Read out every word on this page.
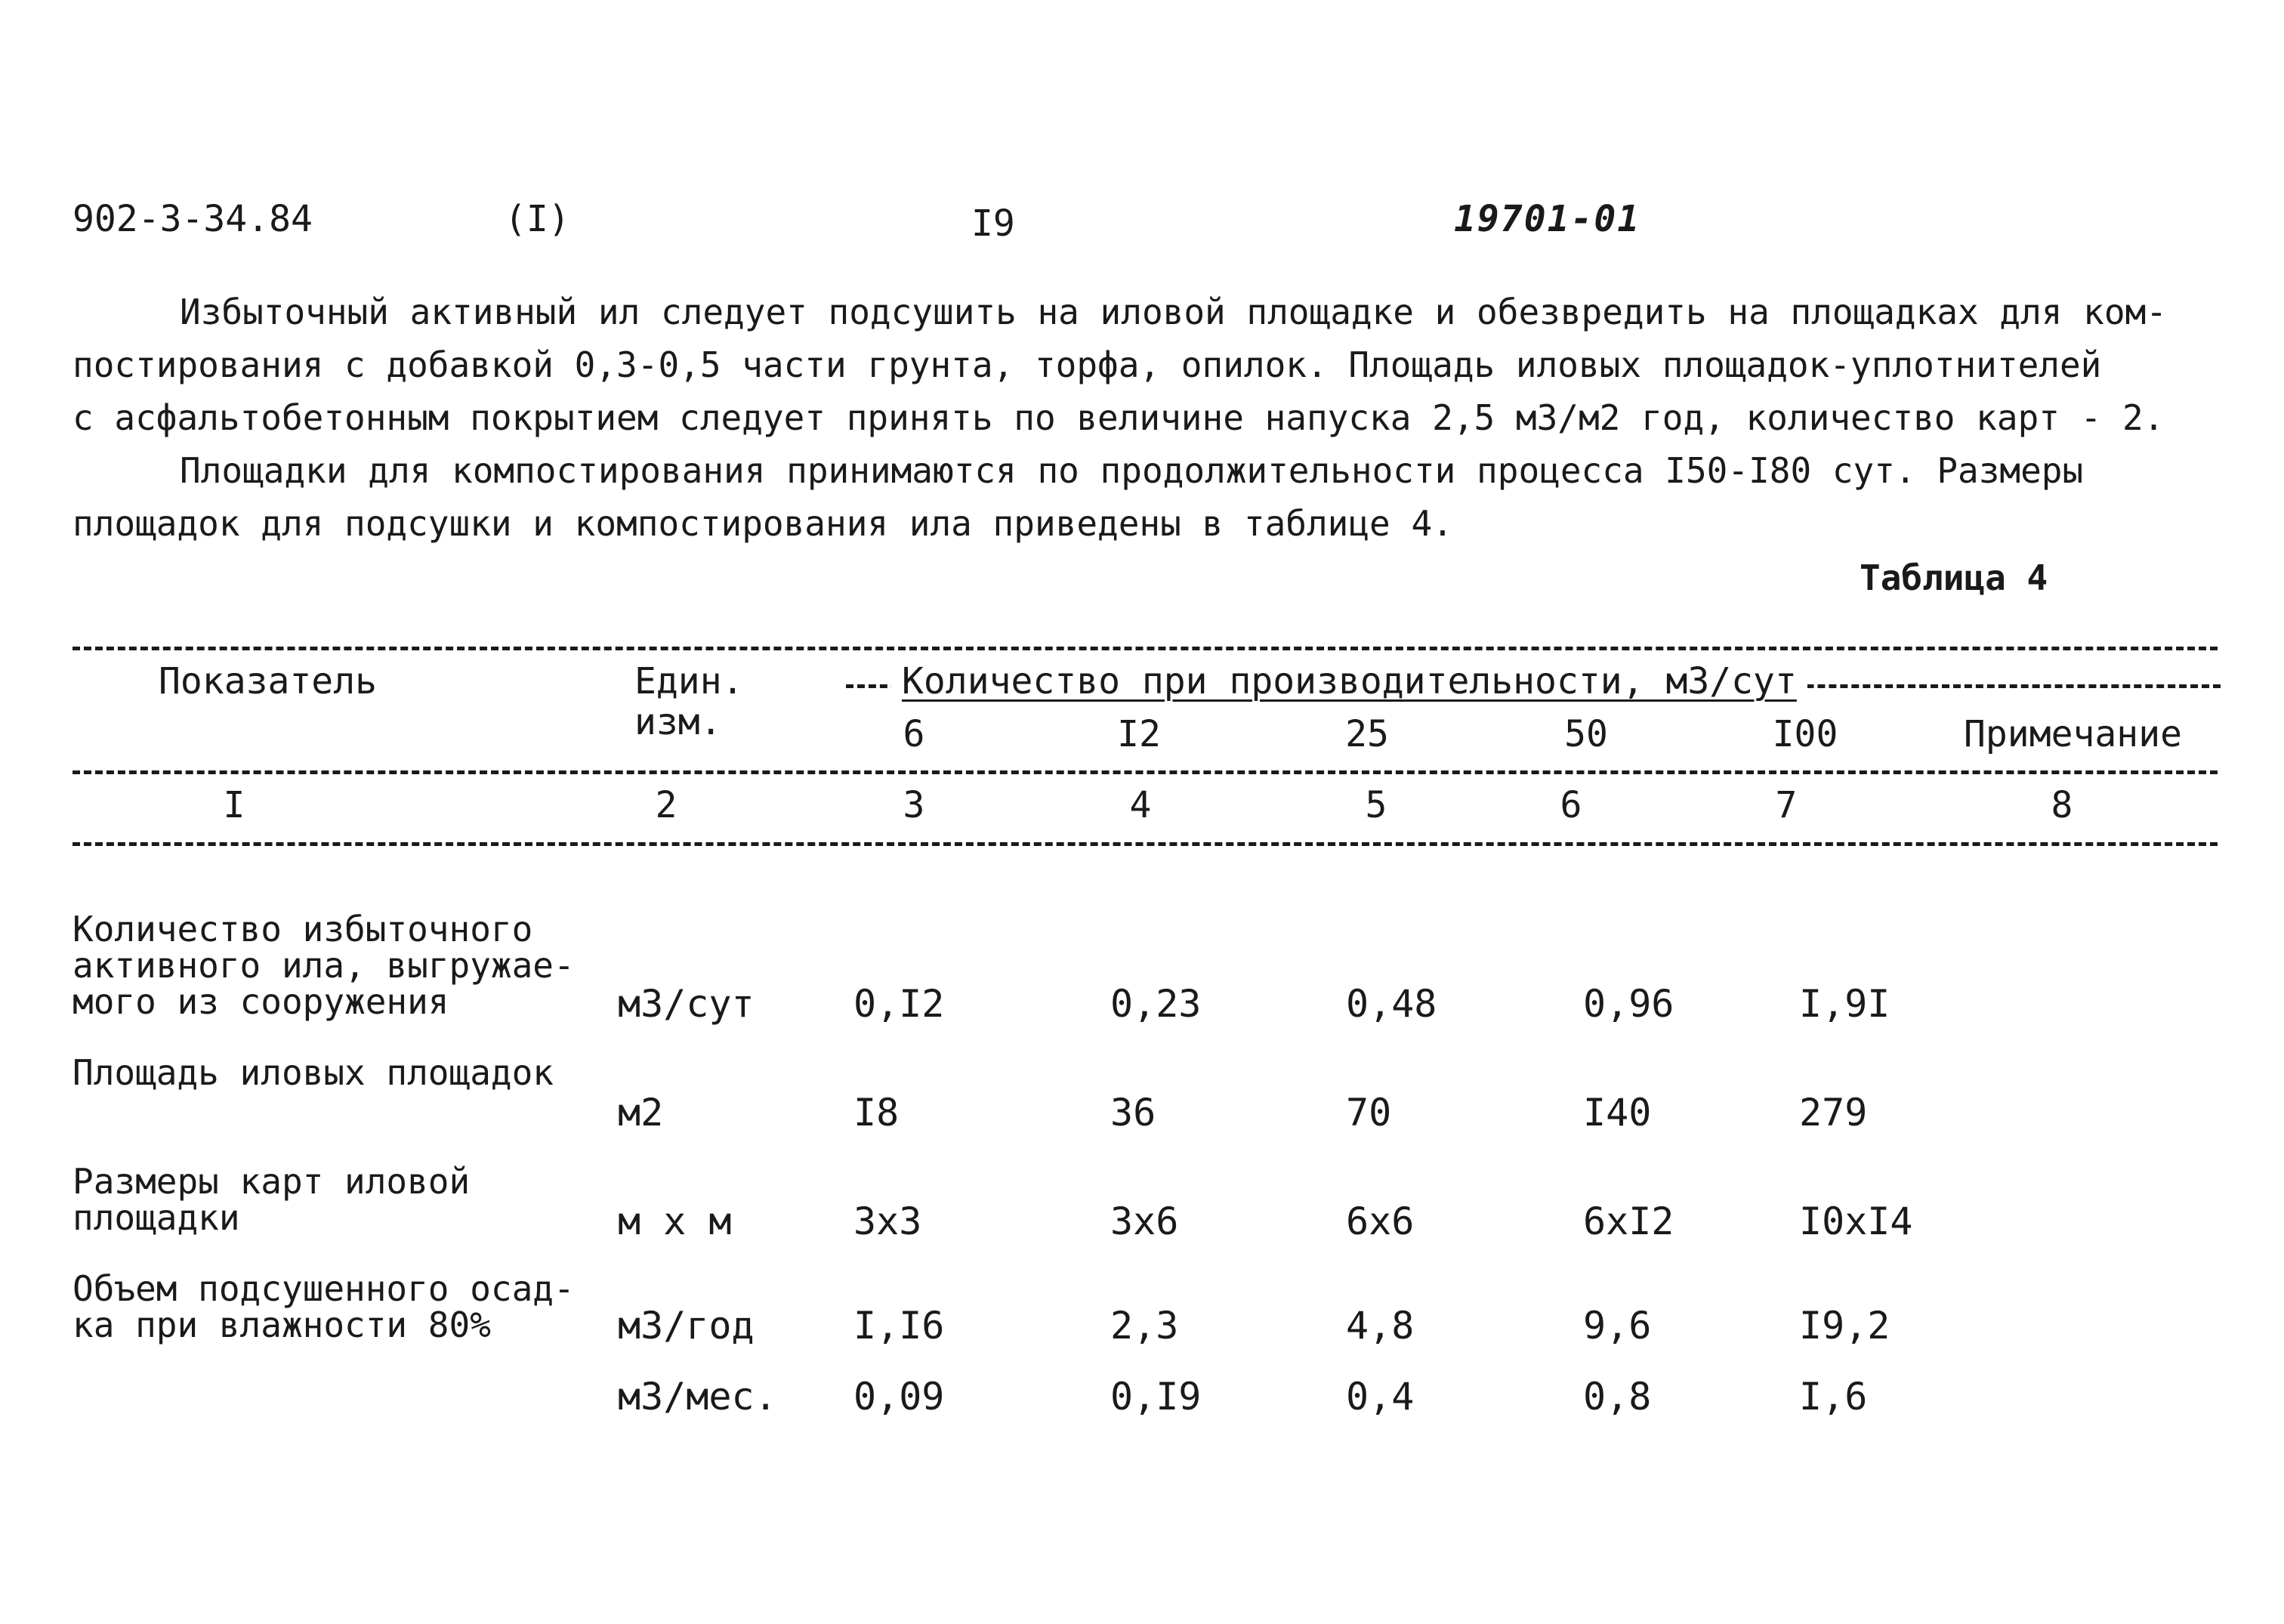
902-3-34.84	(I)	I9	19701-01
Избыточный активный ил следует подсушить на иловой площадке и обезвредить на площадках для ком-
постирования с добавкой 0,3-0,5 части грунта, торфа, опилок. Площадь иловых площадок-уплотнителей
с асфальтобетонным покрытием следует принять по величине напуска 2,5 м3/м2 год, количество карт - 2.
Площадки для компостирования принимаются по продолжительности процесса I50-I80 сут. Размеры
площадок для подсушки и компостирования ила приведены в таблице 4.
Таблица 4
Показатель	Един.
изм.
Количество при производительности, м3/сут
6	I2	25	50	I00	Примечание
I	2	3	4	5	6	7	8
Количество избыточного
активного ила, выгружае-
мого из сооружения	м3/сут	0,I2	0,23	0,48	0,96	I,9I
Площадь иловых площадок
м2	I8	36	70	I40	279
Размеры карт иловой
площадки	м х м	3х3	3х6	6х6	6хI2	I0хI4
Объем подсушенного осад-
ка при влажности 80%	м3/год	I,I6	2,3	4,8	9,6	I9,2
м3/мес. 0,09	0,I9	0,4	0,8	I,6
